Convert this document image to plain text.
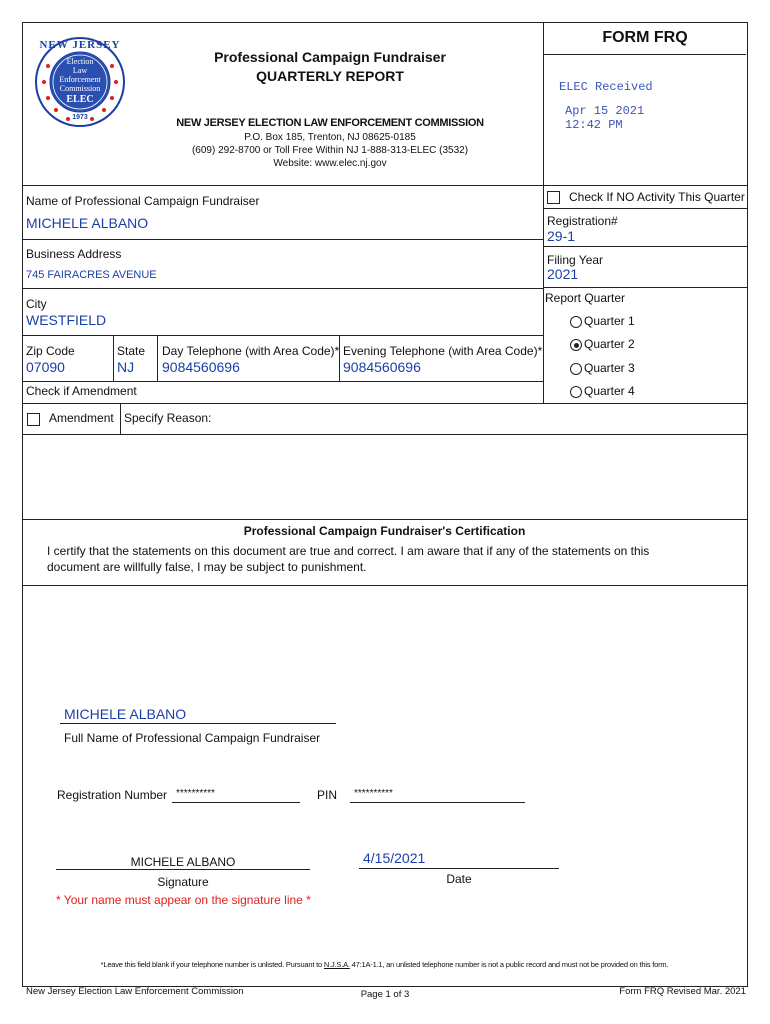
NEW JERSEY
Election
Law
Enforcement
Commission
ELEC
1973
Professional Campaign Fundraiser
QUARTERLY REPORT
NEW JERSEY ELECTION LAW ENFORCEMENT COMMISSION
P.O. Box 185, Trenton, NJ 08625-0185
(609) 292-8700 or Toll Free Within NJ 1-888-313-ELEC (3532)
Website: www.elec.nj.gov
FORM FRQ
ELEC Received
Apr 15 2021
12:42 PM
Name of Professional Campaign Fundraiser
MICHELE ALBANO
Check If NO Activity This Quarter
Registration#
29-1
Business Address
745 FAIRACRES AVENUE
Filing Year
2021
City
WESTFIELD
Report Quarter
Quarter 1
Quarter 2
Quarter 3
Quarter 4
Zip Code
07090
State
NJ
Day Telephone (with Area Code)*
9084560696
Evening Telephone (with Area Code)*
9084560696
Check if Amendment
Amendment Specify Reason:
Professional Campaign Fundraiser's Certification
I certify that the statements on this document are true and correct. I am aware that if any of the statements on this
document are willfully false, I may be subject to punishment.
MICHELE ALBANO
Full Name of Professional Campaign Fundraiser
Registration Number **********	PIN **********
MICHELE ALBANO
Signature
4/15/2021
Date
* Your name must appear on the signature line *
*Leave this field blank if your telephone number is unlisted. Pursuant to N.J.S.A. 47:1A-1.1, an unlisted telephone number is not a public record and must not be provided on this form.
New Jersey Election Law Enforcement Commission	Page 1 of 3	Form FRQ Revised Mar. 2021
